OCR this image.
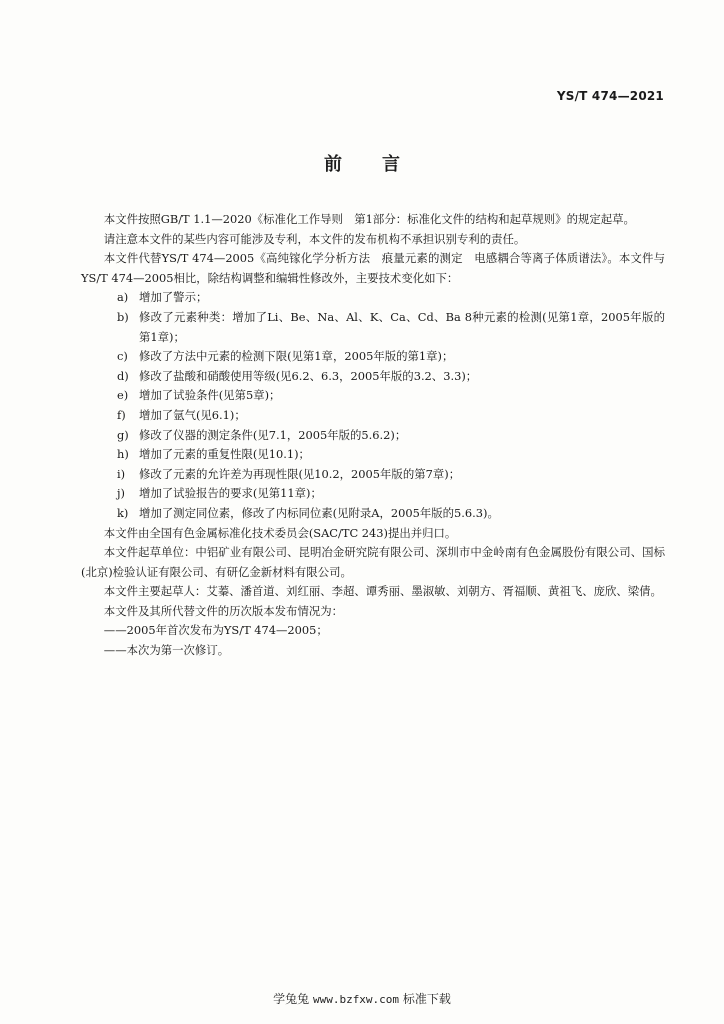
YS/T 474—2021
前言

本文件按照GB/T 1.1—2020《标准化工作导则　第1部分：标准化文件的结构和起草规则》的规定起草。

请注意本文件的某些内容可能涉及专利，本文件的发布机构不承担识别专利的责任。

本文件代替YS/T 474—2005《高纯镓化学分析方法　痕量元素的测定　电感耦合等离子体质谱法》。本文件与YS/T 474—2005相比，除结构调整和编辑性修改外，主要技术变化如下：

a) 增加了警示；
b) 修改了元素种类：增加了Li、Be、Na、Al、K、Ca、Cd、Ba 8种元素的检测(见第1章，2005年版的第1章)；
c) 修改了方法中元素的检测下限(见第1章，2005年版的第1章)；
d) 修改了盐酸和硝酸使用等级(见6.2、6.3，2005年版的3.2、3.3)；
e) 增加了试验条件(见第5章)；
f)	增加了氩气(见6.1)；
g) 修改了仪器的测定条件(见7.1，2005年版的5.6.2)；
h) 增加了元素的重复性限(见10.1)；
i)	修改了元素的允许差为再现性限(见10.2，2005年版的第7章)；
j)	增加了试验报告的要求(见第11章)；
k) 增加了测定同位素，修改了内标同位素(见附录A，2005年版的5.6.3)。

本文件由全国有色金属标准化技术委员会(SAC/TC 243)提出并归口。

本文件起草单位：中铝矿业有限公司、昆明冶金研究院有限公司、深圳市中金岭南有色金属股份有限公司、国标(北京)检验认证有限公司、有研亿金新材料有限公司。

本文件主要起草人：艾蓁、潘首道、刘红丽、李超、谭秀丽、墨淑敏、刘朝方、胥福顺、黄祖飞、庞欣、梁倩。

本文件及其所代替文件的历次版本发布情况为：

——2005年首次发布为YS/T 474—2005；

——本次为第一次修订。

学兔兔 www.bzfxw.com 标准下载
